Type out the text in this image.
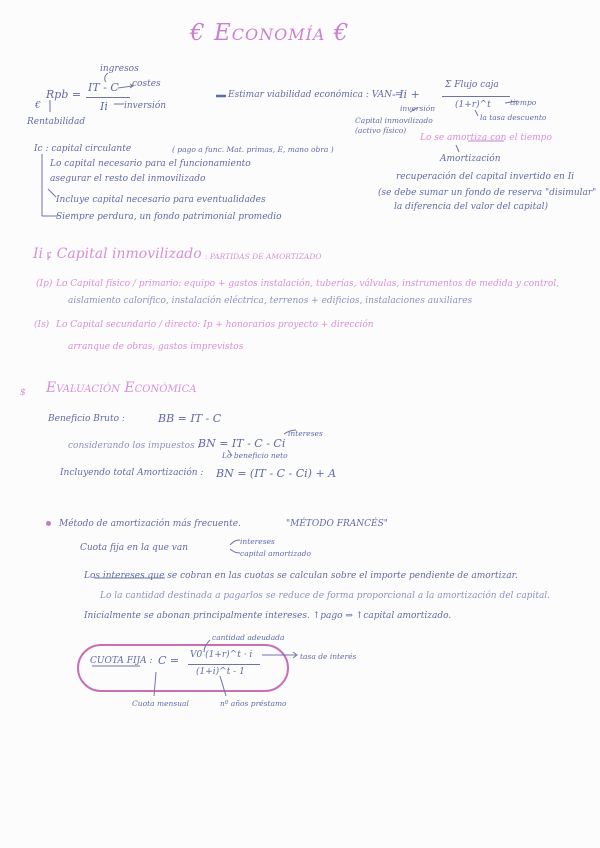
€ Economía €
ingresos
Rpb =
IT - C
Ii
costes
inversión
€
Rentabilidad
Estimar viabilidad económica : VAN =
- Ii +
Σ Flujo caja
(1+r)^t	tiempo
la tasa descuento
inversión
Capital inmovilizado
(activo físico)
Lo se amortiza con el tiempo
Amortización
recuperación del capital invertido en Ii
(se debe sumar un fondo de reserva "disimular"
la diferencia del valor del capital)
Ic : capital circulante	( pago a func. Mat. primas, E, mano obra )
Lo capital necesario para el funcionamiento
asegurar el resto del inmovilizado
Incluye capital necesario para eventualidades
Siempre perdura, un fondo patrimonial promedio
Ii : Capital inmovilizado : PARTIDAS DE AMORTIZADO
(Ip) Lo Capital físico / primario: equipo + gastos instalación, tuberías, válvulas, instrumentos de medida y control,
aislamiento calorífico, instalación eléctrica, terrenos + edificios, instalaciones auxiliares
(Is) Lo Capital secundario / directo: Ip + honorarios proyecto + dirección
arranque de obras, gastos imprevistos
$ Evaluación Económica
Beneficio Bruto :	BB = IT - C
considerando los impuestos :
BN = IT - C - Ci
intereses
Lo beneficio neto
Incluyendo total Amortización : BN = (IT - C - Ci) + A
Método de amortización más frecuente.	"MÉTODO FRANCÉS"
Cuota fija en la que van
intereses
capital amortizado
Los intereses que se cobran en las cuotas se calculan sobre el importe pendiente de amortizar.
Lo la cantidad destinada a pagarlos se reduce de forma proporcional a la amortización del capital.
Inicialmente se abonan principalmente intereses. ↑pago ⇒ ↑capital amortizado.
cantidad adeudada
CUOTA FIJA : C = V0 (1+r)^t · i
(1+i)^t - 1
tasa de interés
Cuota mensual	nº años préstamo
